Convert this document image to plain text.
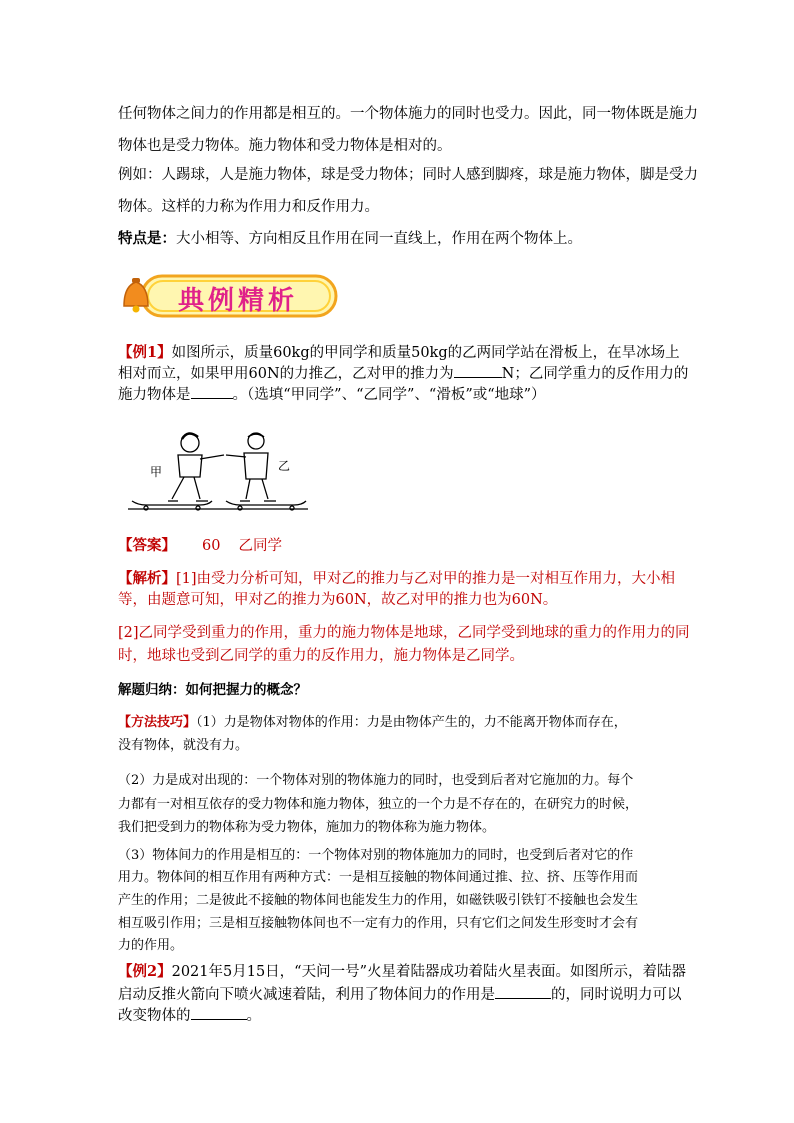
任何物体之间力的作用都是相互的。一个物体施力的同时也受力。因此，同一物体既是施力
物体也是受力物体。施力物体和受力物体是相对的。
例如：人踢球，人是施力物体，球是受力物体；同时人感到脚疼，球是施力物体，脚是受力
物体。这样的力称为作用力和反作用力。
特点是：大小相等、方向相反且作用在同一直线上，作用在两个物体上。
典例精析
【例1】如图所示，质量60kg的甲同学和质量50kg的乙两同学站在滑板上，在旱冰场上
相对而立，如果甲用60N的力推乙，乙对甲的推力为	N；乙同学重力的反作用力的
施力物体是	。（选填“甲同学”、“乙同学”、“滑板”或“地球”）
甲	乙
【答案】 60 乙同学
【解析】[1]由受力分析可知，甲对乙的推力与乙对甲的推力是一对相互作用力，大小相
等，由题意可知，甲对乙的推力为60N，故乙对甲的推力也为60N。
[2]乙同学受到重力的作用，重力的施力物体是地球，乙同学受到地球的重力的作用力的同
时，地球也受到乙同学的重力的反作用力，施力物体是乙同学。
解题归纳：如何把握力的概念？
【方法技巧】（1）力是物体对物体的作用：力是由物体产生的，力不能离开物体而存在，
没有物体，就没有力。
（2）力是成对出现的：一个物体对别的物体施力的同时，也受到后者对它施加的力。每个
力都有一对相互依存的受力物体和施力物体，独立的一个力是不存在的，在研究力的时候，
我们把受到力的物体称为受力物体，施加力的物体称为施力物体。
（3）物体间力的作用是相互的：一个物体对别的物体施加力的同时，也受到后者对它的作
用力。物体间的相互作用有两种方式：一是相互接触的物体间通过推、拉、挤、压等作用而
产生的作用；二是彼此不接触的物体间也能发生力的作用，如磁铁吸引铁钉不接触也会发生
相互吸引作用；三是相互接触物体间也不一定有力的作用，只有它们之间发生形变时才会有
力的作用。
【例2】2021年5月15日，“天问一号”火星着陆器成功着陆火星表面。如图所示，着陆器
启动反推火箭向下喷火减速着陆，利用了物体间力的作用是	的，同时说明力可以
改变物体的	。
